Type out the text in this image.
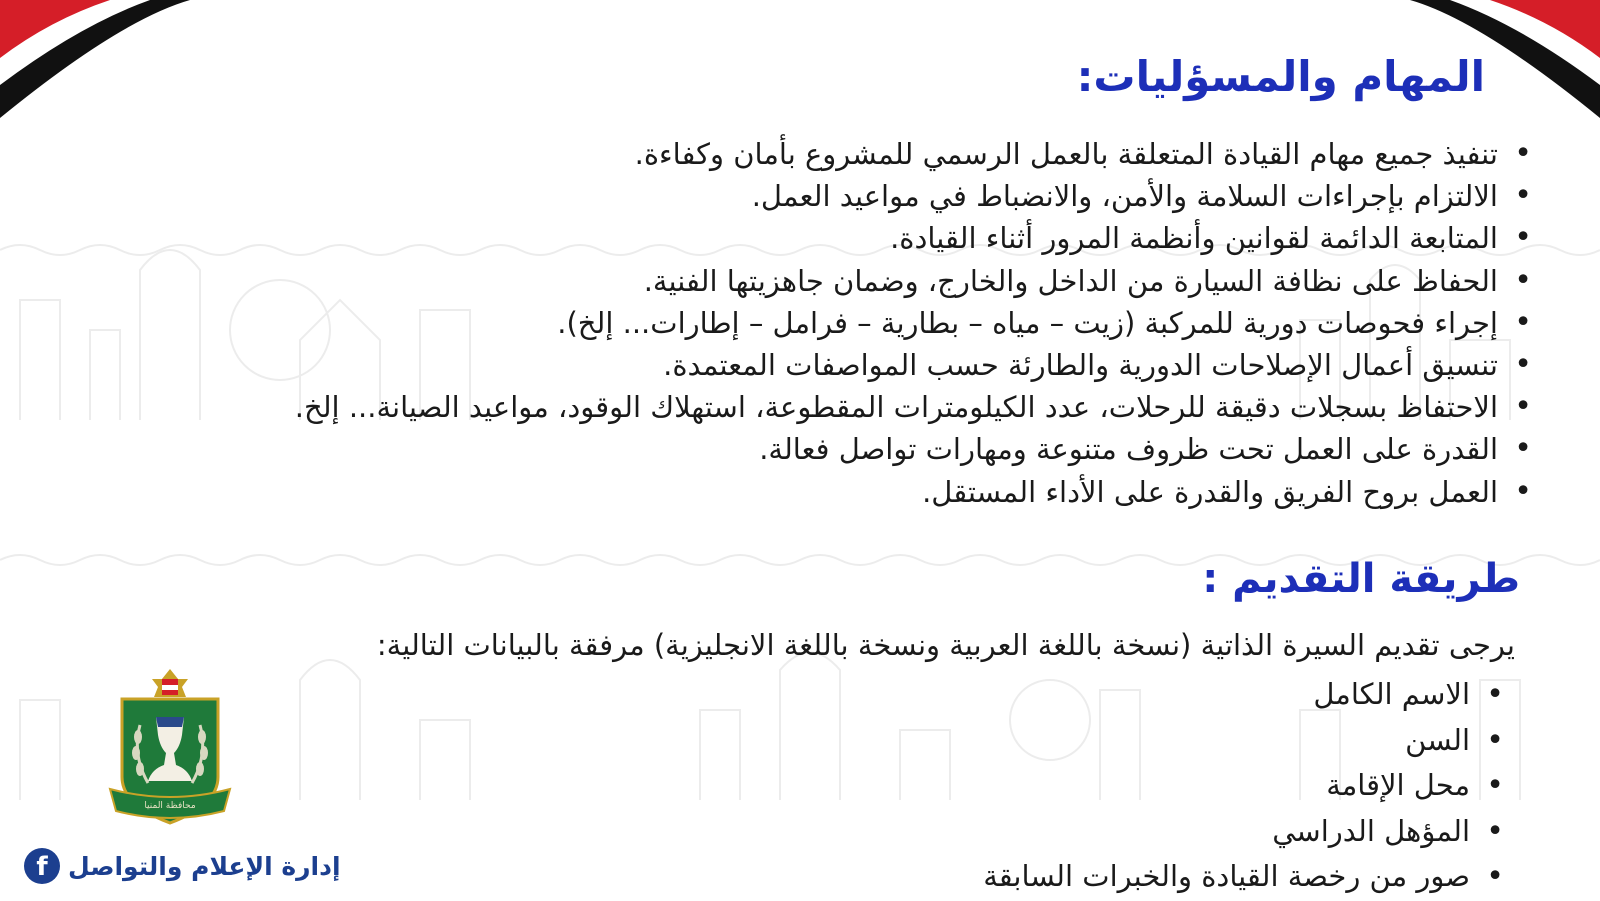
المهام والمسؤليات:
• تنفيذ جميع مهام القيادة المتعلقة بالعمل الرسمي للمشروع بأمان وكفاءة.
• الالتزام بإجراءات السلامة والأمن، والانضباط في مواعيد العمل.
• المتابعة الدائمة لقوانين وأنظمة المرور أثناء القيادة.
• الحفاظ على نظافة السيارة من الداخل والخارج، وضمان جاهزيتها الفنية.
• إجراء فحوصات دورية للمركبة (زيت – مياه – بطارية – فرامل – إطارات... إلخ).
• تنسيق أعمال الإصلاحات الدورية والطارئة حسب المواصفات المعتمدة.
• الاحتفاظ بسجلات دقيقة للرحلات، عدد الكيلومترات المقطوعة، استهلاك الوقود، مواعيد الصيانة... إلخ.
• القدرة على العمل تحت ظروف متنوعة ومهارات تواصل فعالة.
• العمل بروح الفريق والقدرة على الأداء المستقل.
طريقة التقديم :

يرجى تقديم السيرة الذاتية (نسخة باللغة العربية ونسخة باللغة الانجليزية) مرفقة بالبيانات التالية:

• الاسم الكامل
• السن
• محل الإقامة
• المؤهل الدراسي
• صور من رخصة القيادة والخبرات السابقة
محافظة المنيا
f إدارة الإعلام والتواصل
